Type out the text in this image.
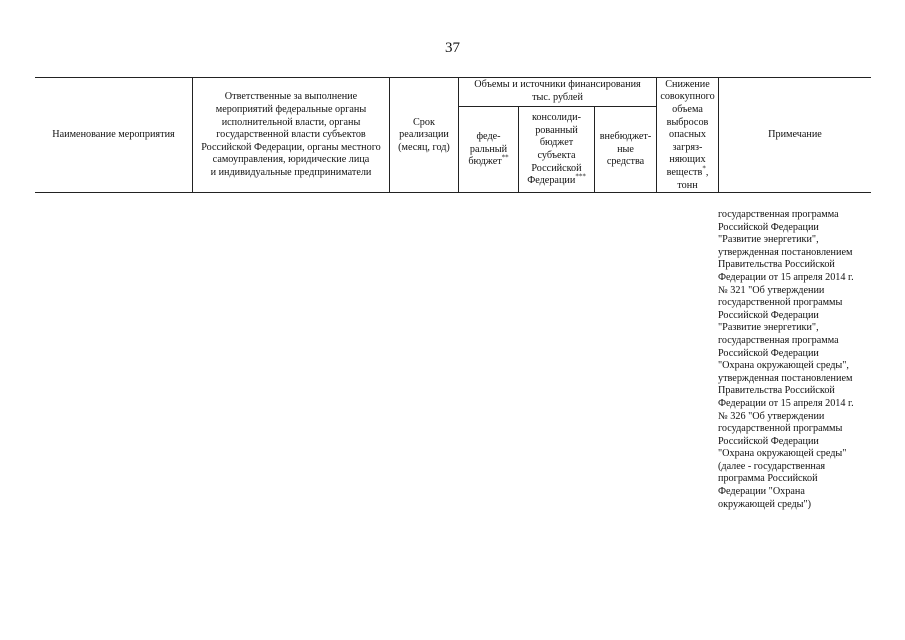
37
Наименование мероприятия
Ответственные за выполнение
мероприятий федеральные органы
исполнительной власти, органы
государственной власти субъектов
Российской Федерации, органы местного
самоуправления, юридические лица
и индивидуальные предприниматели
Срок
реализации
(месяц, год)
Объемы и источники финансирования
тыс. рублей
феде-
ральный
бюджет**
консолиди-
рованный
бюджет
субъекта
Российской
Федерации***
внебюджет-
ные
средства
Снижение
совокупного
объема
выбросов
опасных
загряз-
няющих
веществ*,
тонн
Примечание
государственная программа
Российской Федерации
"Развитие энергетики",
утвержденная постановлением
Правительства Российской
Федерации от 15 апреля 2014 г.
№ 321 "Об утверждении
государственной программы
Российской Федерации
"Развитие энергетики",
государственная программа
Российской Федерации
"Охрана окружающей среды",
утвержденная постановлением
Правительства Российской
Федерации от 15 апреля 2014 г.
№ 326 "Об утверждении
государственной программы
Российской Федерации
"Охрана окружающей среды"
(далее - государственная
программа Российской
Федерации "Охрана
окружающей среды")
